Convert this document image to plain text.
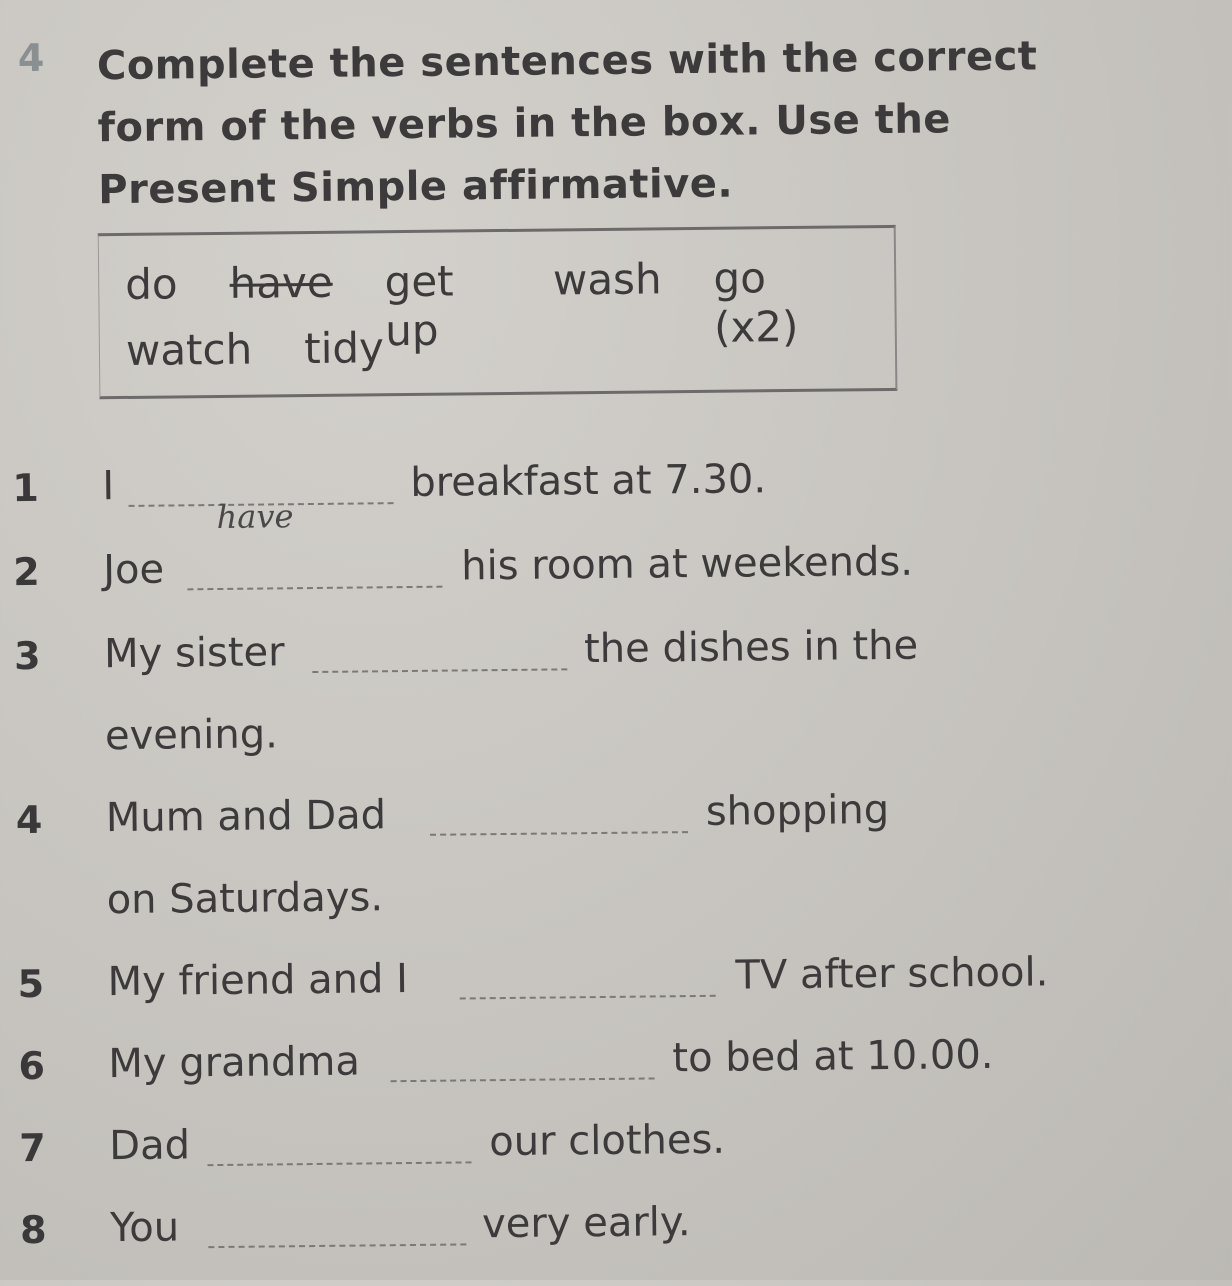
4 Complete the sentences with the correct form of the verbs in the box. Use the Present Simple affirmative.
do have get up
wash go (x2)
watch tidy
1 I
have
breakfast at 7.30.
2 Joe	his room at weekends.
3 My sister	the dishes in the
evening.
4 Mum and Dad	shopping
on Saturdays.
5 My friend and I	TV after school.
6 My grandma	to bed at 10.00.
7 Dad	our clothes.
8 You	very early.
